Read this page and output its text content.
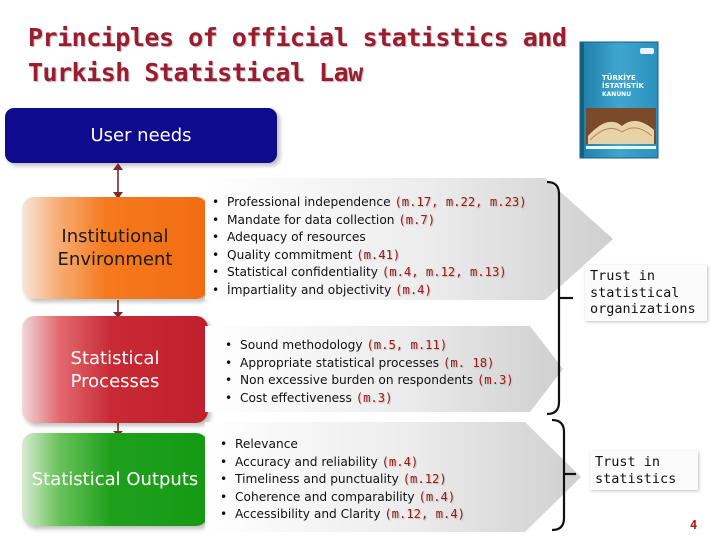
Principles of official statistics and
Turkish Statistical Law	TÜRKİYE
İSTATİSTİK
KANUNU
User needs
Institutional
Environment
Statistical
Processes
Statistical Outputs
• Professional independence (m.17, m.22, m.23)
• Mandate for data collection (m.7)
• Adequacy of resources
• Quality commitment (m.41)
• Statistical confidentiality (m.4, m.12, m.13)
• İmpartiality and objectivity (m.4)
• Sound methodology (m.5, m.11)
• Appropriate statistical processes (m. 18)
• Non excessive burden on respondents (m.3)
• Cost effectiveness (m.3)
• Relevance
• Accuracy and reliability (m.4)
• Timeliness and punctuality (m.12)
• Coherence and comparability (m.4)
• Accessibility and Clarity (m.12, m.4)
Trust in
statistical
organizations
Trust in
statistics
4
